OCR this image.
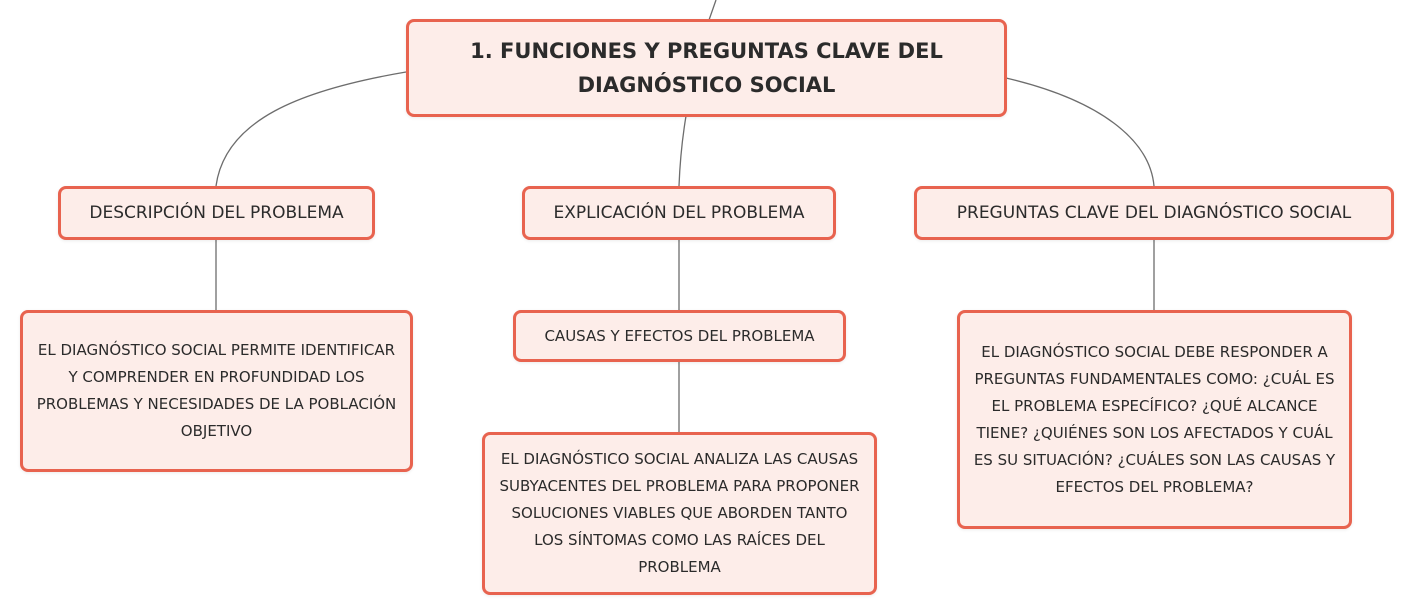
1. FUNCIONES Y PREGUNTAS CLAVE DEL DIAGNÓSTICO SOCIAL
DESCRIPCIÓN DEL PROBLEMA	EXPLICACIÓN DEL PROBLEMA	PREGUNTAS CLAVE DEL DIAGNÓSTICO SOCIAL
EL DIAGNÓSTICO SOCIAL PERMITE IDENTIFICAR Y COMPRENDER EN PROFUNDIDAD LOS PROBLEMAS Y NECESIDADES DE LA POBLACIÓN OBJETIVO
CAUSAS Y EFECTOS DEL PROBLEMA
EL DIAGNÓSTICO SOCIAL ANALIZA LAS CAUSAS SUBYACENTES DEL PROBLEMA PARA PROPONER SOLUCIONES VIABLES QUE ABORDEN TANTO LOS SÍNTOMAS COMO LAS RAÍCES DEL PROBLEMA
EL DIAGNÓSTICO SOCIAL DEBE RESPONDER A PREGUNTAS FUNDAMENTALES COMO: ¿CUÁL ES EL PROBLEMA ESPECÍFICO? ¿QUÉ ALCANCE TIENE? ¿QUIÉNES SON LOS AFECTADOS Y CUÁL ES SU SITUACIÓN? ¿CUÁLES SON LAS CAUSAS Y EFECTOS DEL PROBLEMA?
